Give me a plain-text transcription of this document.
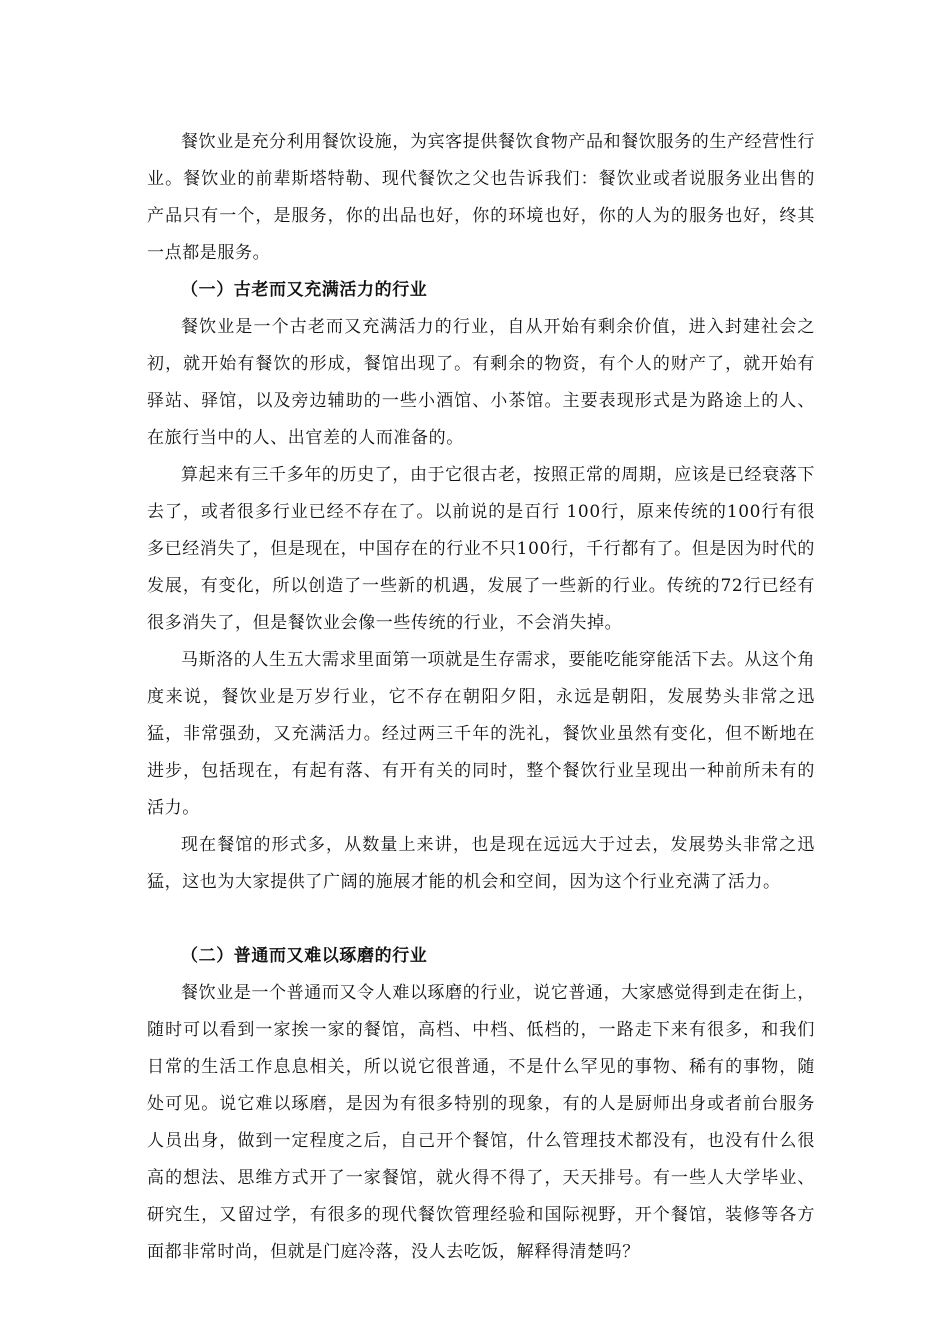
餐饮业是充分利用餐饮设施，为宾客提供餐饮食物产品和餐饮服务的生产经营性行业。餐饮业的前辈斯塔特勒、现代餐饮之父也告诉我们：餐饮业或者说服务业出售的产品只有一个，是服务，你的出品也好，你的环境也好，你的人为的服务也好，终其一点都是服务。

（一）古老而又充满活力的行业

餐饮业是一个古老而又充满活力的行业，自从开始有剩余价值，进入封建社会之初，就开始有餐饮的形成，餐馆出现了。有剩余的物资，有个人的财产了，就开始有驿站、驿馆，以及旁边辅助的一些小酒馆、小茶馆。主要表现形式是为路途上的人、在旅行当中的人、出官差的人而准备的。

算起来有三千多年的历史了，由于它很古老，按照正常的周期，应该是已经衰落下去了，或者很多行业已经不存在了。以前说的是百行 100行，原来传统的100行有很多已经消失了，但是现在，中国存在的行业不只100行，千行都有了。但是因为时代的发展，有变化，所以创造了一些新的机遇，发展了一些新的行业。传统的72行已经有很多消失了，但是餐饮业会像一些传统的行业，不会消失掉。

马斯洛的人生五大需求里面第一项就是生存需求，要能吃能穿能活下去。从这个角度来说，餐饮业是万岁行业，它不存在朝阳夕阳，永远是朝阳，发展势头非常之迅猛，非常强劲，又充满活力。经过两三千年的洗礼，餐饮业虽然有变化，但不断地在进步，包括现在，有起有落、有开有关的同时，整个餐饮行业呈现出一种前所未有的活力。

现在餐馆的形式多，从数量上来讲，也是现在远远大于过去，发展势头非常之迅猛，这也为大家提供了广阔的施展才能的机会和空间，因为这个行业充满了活力。

（二）普通而又难以琢磨的行业

餐饮业是一个普通而又令人难以琢磨的行业，说它普通，大家感觉得到走在街上，随时可以看到一家挨一家的餐馆，高档、中档、低档的，一路走下来有很多，和我们日常的生活工作息息相关，所以说它很普通，不是什么罕见的事物、稀有的事物，随处可见。说它难以琢磨，是因为有很多特别的现象，有的人是厨师出身或者前台服务人员出身，做到一定程度之后，自己开个餐馆，什么管理技术都没有，也没有什么很高的想法、思维方式开了一家餐馆，就火得不得了，天天排号。有一些人大学毕业、研究生，又留过学，有很多的现代餐饮管理经验和国际视野，开个餐馆，装修等各方面都非常时尚，但就是门庭冷落，没人去吃饭，解释得清楚吗？
